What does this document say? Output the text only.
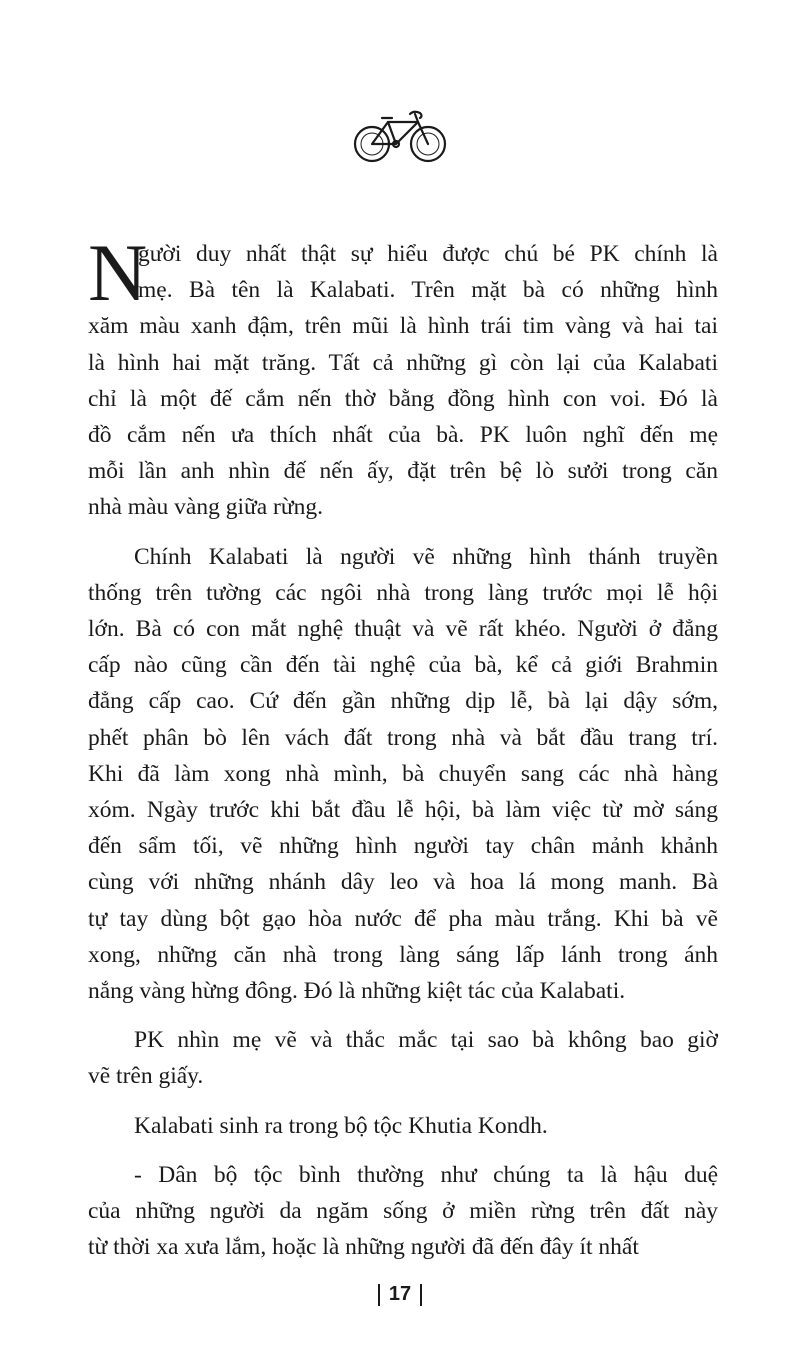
N
gười duy nhất thật sự hiểu được chú bé PK chính là
mẹ. Bà tên là Kalabati. Trên mặt bà có những hình
xăm màu xanh đậm, trên mũi là hình trái tim vàng và hai tai
là hình hai mặt trăng. Tất cả những gì còn lại của Kalabati
chỉ là một đế cắm nến thờ bằng đồng hình con voi. Đó là
đồ cắm nến ưa thích nhất của bà. PK luôn nghĩ đến mẹ
mỗi lần anh nhìn đế nến ấy, đặt trên bệ lò sưởi trong căn
nhà màu vàng giữa rừng.
Chính Kalabati là người vẽ những hình thánh truyền
thống trên tường các ngôi nhà trong làng trước mọi lễ hội
lớn. Bà có con mắt nghệ thuật và vẽ rất khéo. Người ở đẳng
cấp nào cũng cần đến tài nghệ của bà, kể cả giới Brahmin
đẳng cấp cao. Cứ đến gần những dịp lễ, bà lại dậy sớm,
phết phân bò lên vách đất trong nhà và bắt đầu trang trí.
Khi đã làm xong nhà mình, bà chuyển sang các nhà hàng
xóm. Ngày trước khi bắt đầu lễ hội, bà làm việc từ mờ sáng
đến sẩm tối, vẽ những hình người tay chân mảnh khảnh
cùng với những nhánh dây leo và hoa lá mong manh. Bà
tự tay dùng bột gạo hòa nước để pha màu trắng. Khi bà vẽ
xong, những căn nhà trong làng sáng lấp lánh trong ánh
nắng vàng hừng đông. Đó là những kiệt tác của Kalabati.
PK nhìn mẹ vẽ và thắc mắc tại sao bà không bao giờ
vẽ trên giấy.
Kalabati sinh ra trong bộ tộc Khutia Kondh.
- Dân bộ tộc bình thường như chúng ta là hậu duệ
của những người da ngăm sống ở miền rừng trên đất này
từ thời xa xưa lắm, hoặc là những người đã đến đây ít nhất
17
